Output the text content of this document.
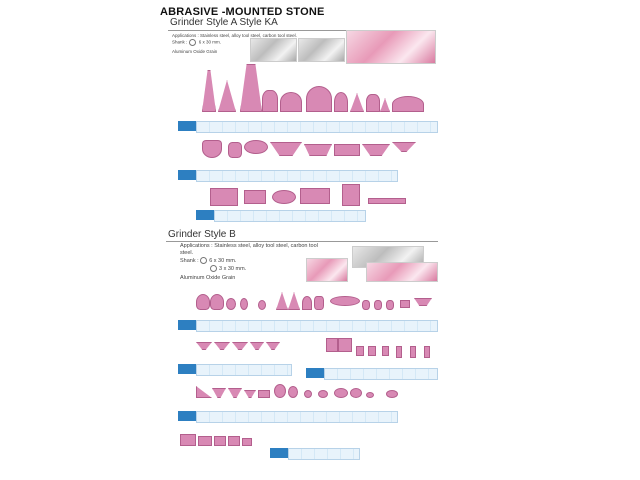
ABRASIVE -MOUNTED STONE
Grinder Style A Style KA
Applications : Stainless steel, alloy tool steel, carbon tool steel.
Shank :	6 x 30 mm.
Aluminum Oxide Grain
Grinder Style B
Applications : Stainless steel, alloy tool steel, carbon tool steel.
Shank : 6 x 30 mm.
3 x 30 mm.
Aluminum Oxide Grain
